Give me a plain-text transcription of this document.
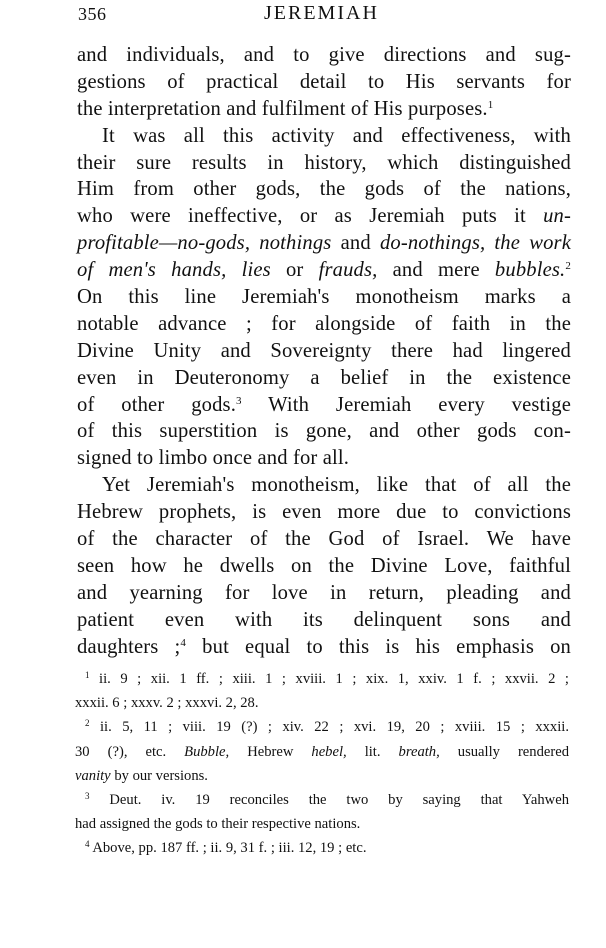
356	JEREMIAH
and individuals, and to give directions and sug-
gestions of practical detail to His servants for
the interpretation and fulfilment of His purposes.$^1$
It was all this activity and effectiveness, with
their sure results in history, which distinguished
Him from other gods, the gods of the nations,
who were ineffective, or as Jeremiah puts it un-
profitable—no-gods, nothings and do-nothings, the work
of men's hands, lies or frauds, and mere bubbles.$^2$
On this line Jeremiah's monotheism marks a
notable advance ; for alongside of faith in the
Divine Unity and Sovereignty there had lingered
even in Deuteronomy a belief in the existence
of other gods.$^3$ With Jeremiah every vestige
of this superstition is gone, and other gods con-
signed to limbo once and for all.
Yet Jeremiah's monotheism, like that of all the
Hebrew prophets, is even more due to convictions
of the character of the God of Israel. We have
seen how he dwells on the Divine Love, faithful
and yearning for love in return, pleading and
patient even with its delinquent sons and
daughters ;$^4$ but equal to this is his emphasis on
$^1$ ii. 9 ; xii. 1 ff. ; xiii. 1 ; xviii. 1 ; xix. 1, xxiv. 1 f. ; xxvii. 2 ;
xxxii. 6 ; xxxv. 2 ; xxxvi. 2, 28.
$^2$ ii. 5, 11 ; viii. 19 (?) ; xiv. 22 ; xvi. 19, 20 ; xviii. 15 ; xxxii.
30 (?), etc. Bubble, Hebrew hebel, lit. breath, usually rendered
vanity by our versions.
$^3$ Deut. iv. 19 reconciles the two by saying that Yahweh
had assigned the gods to their respective nations.
$^4$ Above, pp. 187 ff. ; ii. 9, 31 f. ; iii. 12, 19 ; etc.
